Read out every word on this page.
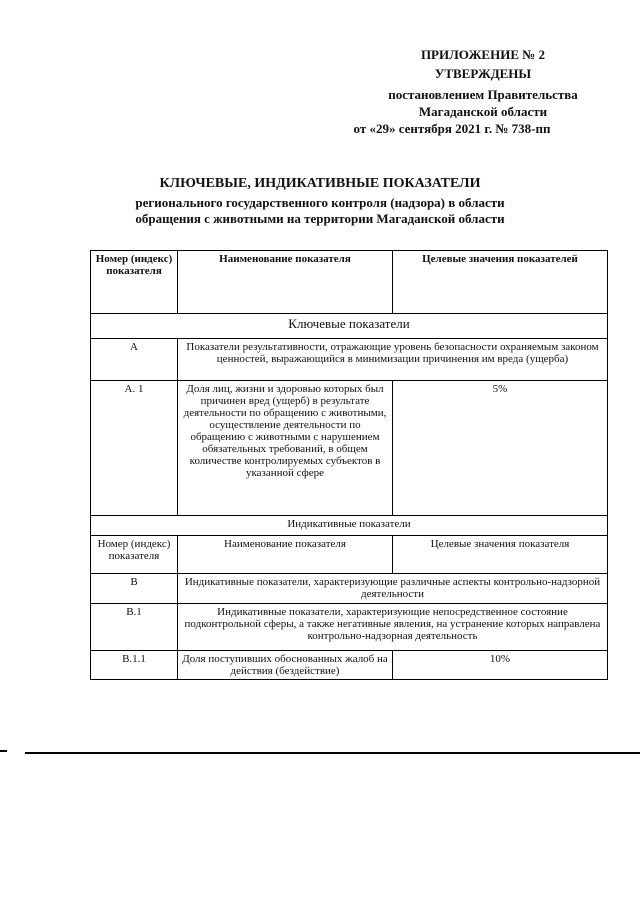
ПРИЛОЖЕНИЕ № 2
УТВЕРЖДЕНЫ
постановлением Правительства
Магаданской области
от «29» сентября 2021 г. № 738-пп
КЛЮЧЕВЫЕ, ИНДИКАТИВНЫЕ ПОКАЗАТЕЛИ
регионального государственного контроля (надзора) в области
обращения с животными на территории Магаданской области
Номер (индекс) показателя	Наименование показателя	Целевые значения показателей
Ключевые показатели		
А	Показатели результативности, отражающие уровень безопасности охраняемым законом ценностей, выражающийся в минимизации причинения им вреда (ущерба)	
А. 1	Доля лиц, жизни и здоровью которых был причинен вред (ущерб) в результате деятельности по обращению с животными, осуществление деятельности по обращению с животными с нарушением обязательных требований, в общем количестве контролируемых субъектов в указанной сфере	5%
Индикативные показатели		
Номер (индекс) показателя	Наименование показателя	Целевые значения показателя
В	Индикативные показатели, характеризующие различные аспекты контрольно-надзорной деятельности	
В.1	Индикативные показатели, характеризующие непосредственное состояние подконтрольной сферы, а также негативные явления, на устранение которых направлена контрольно-надзорная деятельность	
В.1.1	Доля поступивших обоснованных жалоб на действия (бездействие)	10%
